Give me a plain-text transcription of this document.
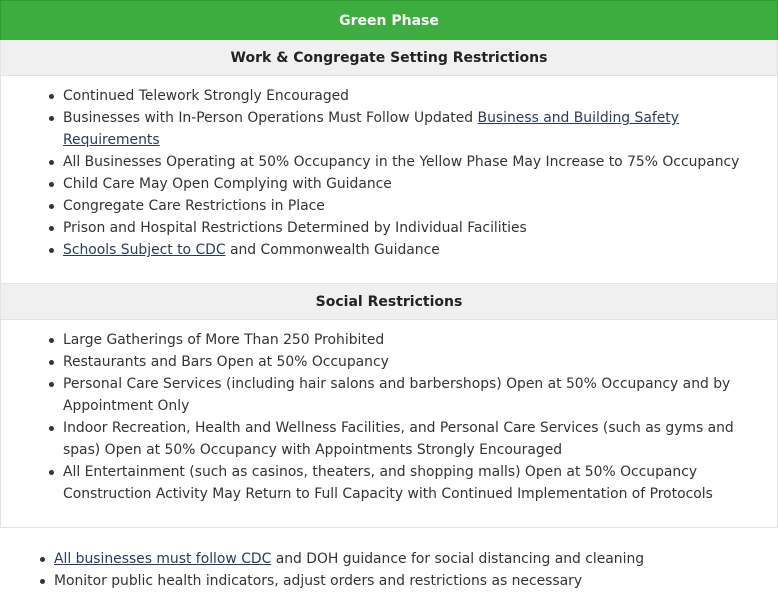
Green Phase
Work & Congregate Setting Restrictions
Continued Telework Strongly Encouraged
Businesses with In-Person Operations Must Follow Updated Business and Building Safety Requirements
All Businesses Operating at 50% Occupancy in the Yellow Phase May Increase to 75% Occupancy
Child Care May Open Complying with Guidance
Congregate Care Restrictions in Place
Prison and Hospital Restrictions Determined by Individual Facilities
Schools Subject to CDC and Commonwealth Guidance
Social Restrictions
Large Gatherings of More Than 250 Prohibited
Restaurants and Bars Open at 50% Occupancy
Personal Care Services (including hair salons and barbershops) Open at 50% Occupancy and by Appointment Only
Indoor Recreation, Health and Wellness Facilities, and Personal Care Services (such as gyms and spas) Open at 50% Occupancy with Appointments Strongly Encouraged
All Entertainment (such as casinos, theaters, and shopping malls) Open at 50% Occupancy
Construction Activity May Return to Full Capacity with Continued Implementation of Protocols
All businesses must follow CDC and DOH guidance for social distancing and cleaning
Monitor public health indicators, adjust orders and restrictions as necessary
